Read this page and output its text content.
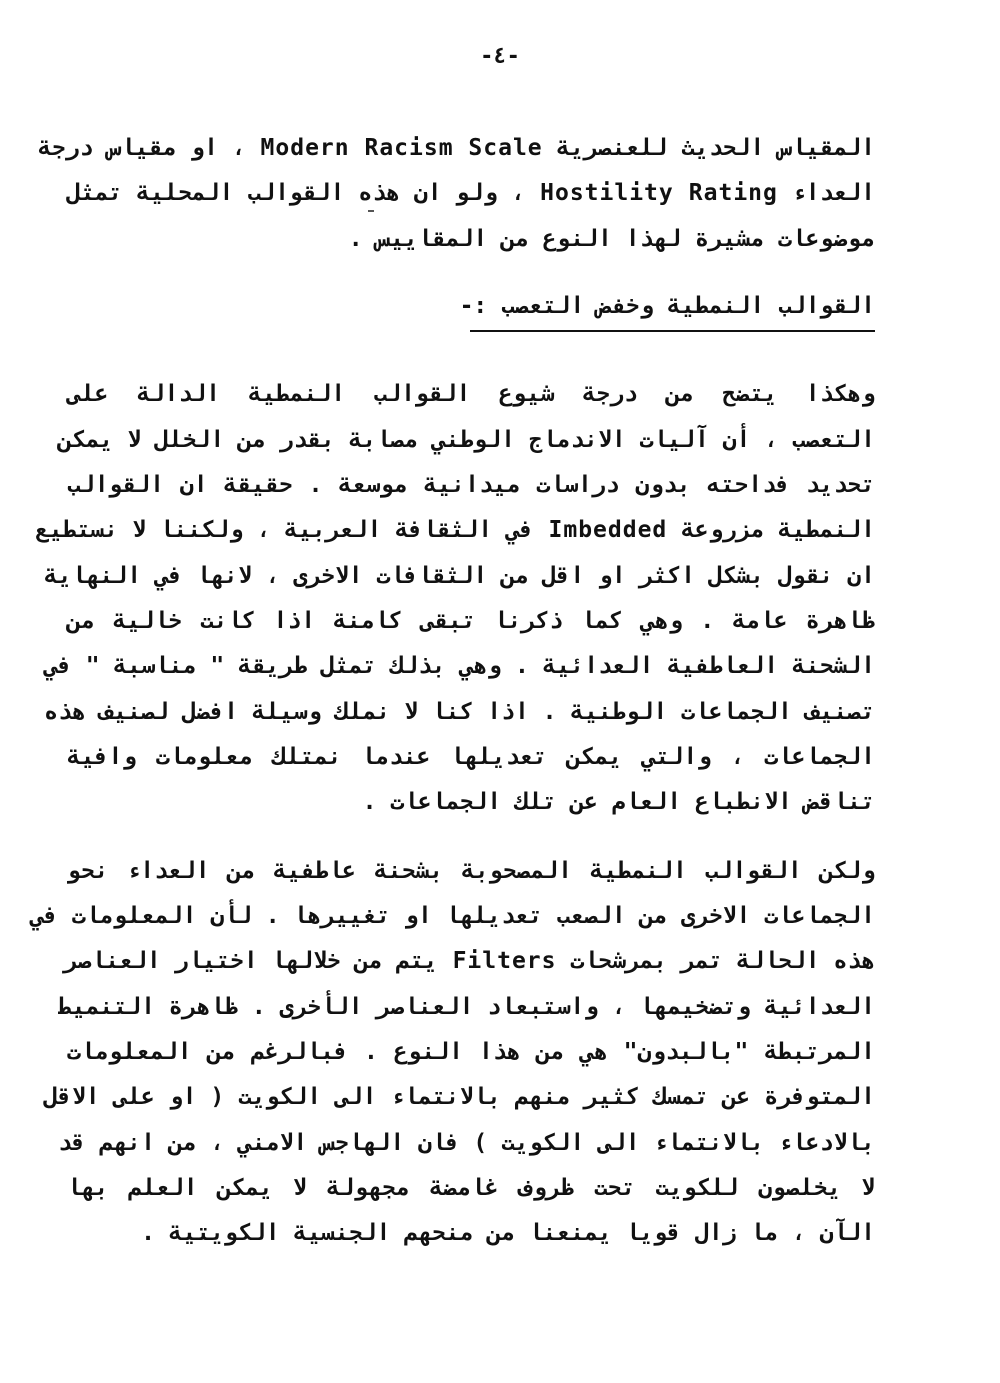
-٤-
المقياس الحديث للعنصرية Modern Racism Scale ، او مقياس درجة
العداء Hostility Rating ، ولو ان هذه القوالب المحلية تمثل
موضوعات مشيرة لهذا النوع من المقاييس .
القوالب النمطية وخفض التعصب :-
وهكذا يتضح من درجة شيوع القوالب النمطية الدالة على
التعصب ، أن آليات الاندماج الوطني مصابة بقدر من الخلل لا يمكن
تحديد فداحته بدون دراسات ميدانية موسعة . حقيقة ان القوالب
النمطية مزروعة Imbedded في الثقافة العربية ، ولكننا لا نستطيع
ان نقول بشكل اكثر او اقل من الثقافات الاخرى ، لانها في النهاية
ظاهرة عامة . وهي كما ذكرنا تبقى كامنة اذا كانت خالية من
الشحنة العاطفية العدائية . وهي بذلك تمثل طريقة " مناسبة " في
تصنيف الجماعات الوطنية . اذا كنا لا نملك وسيلة افضل لصنيف هذه
الجماعات ، والتي يمكن تعديلها عندما نمتلك معلومات وافية
تناقض الانطباع العام عن تلك الجماعات .
ولكن القوالب النمطية المصحوبة بشحنة عاطفية من العداء نحو
الجماعات الاخرى من الصعب تعديلها او تغييرها . لأن المعلومات في
هذه الحالة تمر بمرشحات Filters يتم من خلالها اختيار العناصر
العدائية وتضخيمها ، واستبعاد العناصر الأخرى . ظاهرة التنميط
المرتبطة "بالبدون" هي من هذا النوع . فبالرغم من المعلومات
المتوفرة عن تمسك كثير منهم بالانتماء الى الكويت ( او على الاقل
بالادعاء بالانتماء الى الكويت ) فان الهاجس الامني ، من انهم قد
لا يخلصون للكويت تحت ظروف غامضة مجهولة لا يمكن العلم بها
الآن ، ما زال قويا يمنعنا من منحهم الجنسية الكويتية .
